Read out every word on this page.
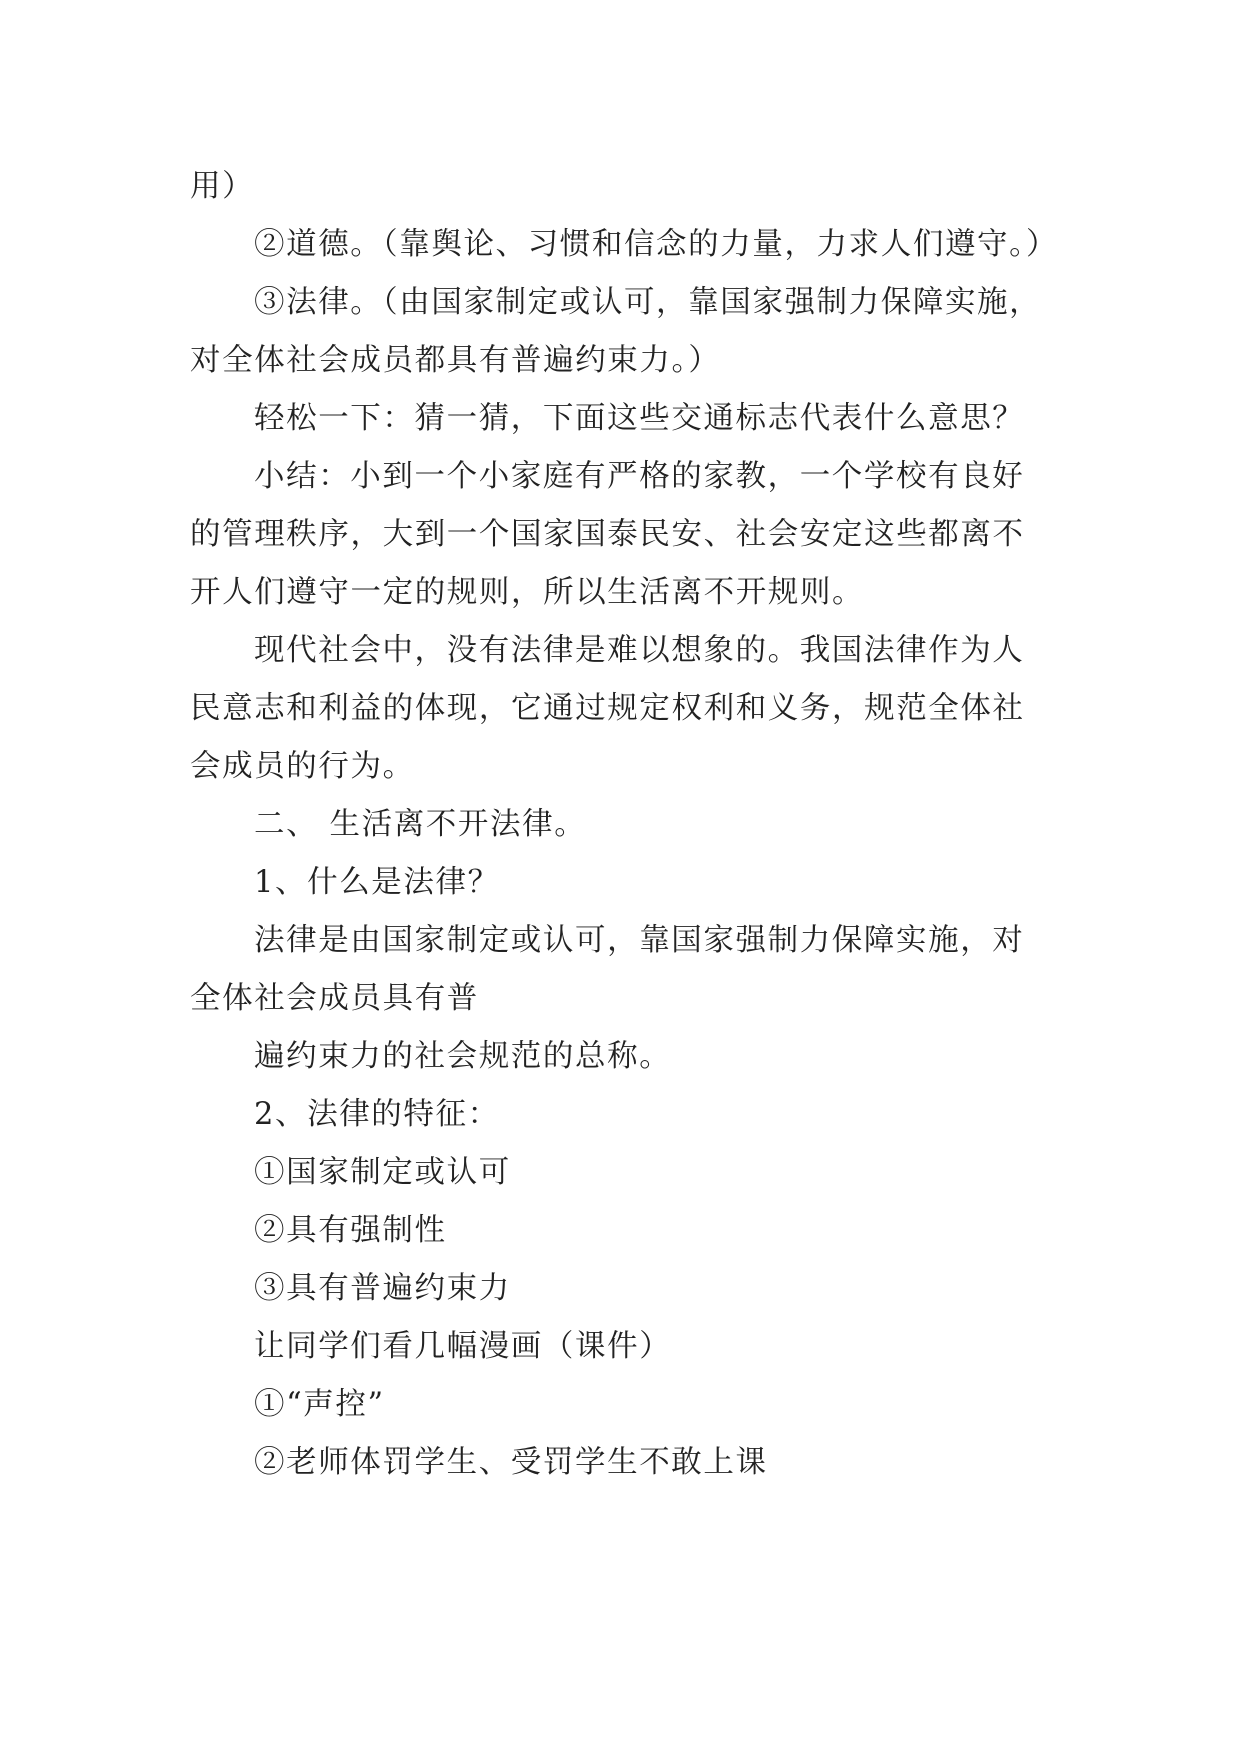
用）

②道德。（靠舆论、习惯和信念的力量，力求人们遵守。）

③法律。（由国家制定或认可，靠国家强制力保障实施，对全体社会成员都具有普遍约束力。）

轻松一下：猜一猜，下面这些交通标志代表什么意思？

小结：小到一个小家庭有严格的家教，一个学校有良好的管理秩序，大到一个国家国泰民安、社会安定这些都离不开人们遵守一定的规则，所以生活离不开规则。

现代社会中，没有法律是难以想象的。我国法律作为人民意志和利益的体现，它通过规定权利和义务，规范全体社会成员的行为。

二、 生活离不开法律。

1、什么是法律？

法律是由国家制定或认可，靠国家强制力保障实施，对全体社会成员具有普

遍约束力的社会规范的总称。

2、法律的特征：

①国家制定或认可

②具有强制性

③具有普遍约束力

让同学们看几幅漫画（课件）

①“声控”

②老师体罚学生、受罚学生不敢上课
